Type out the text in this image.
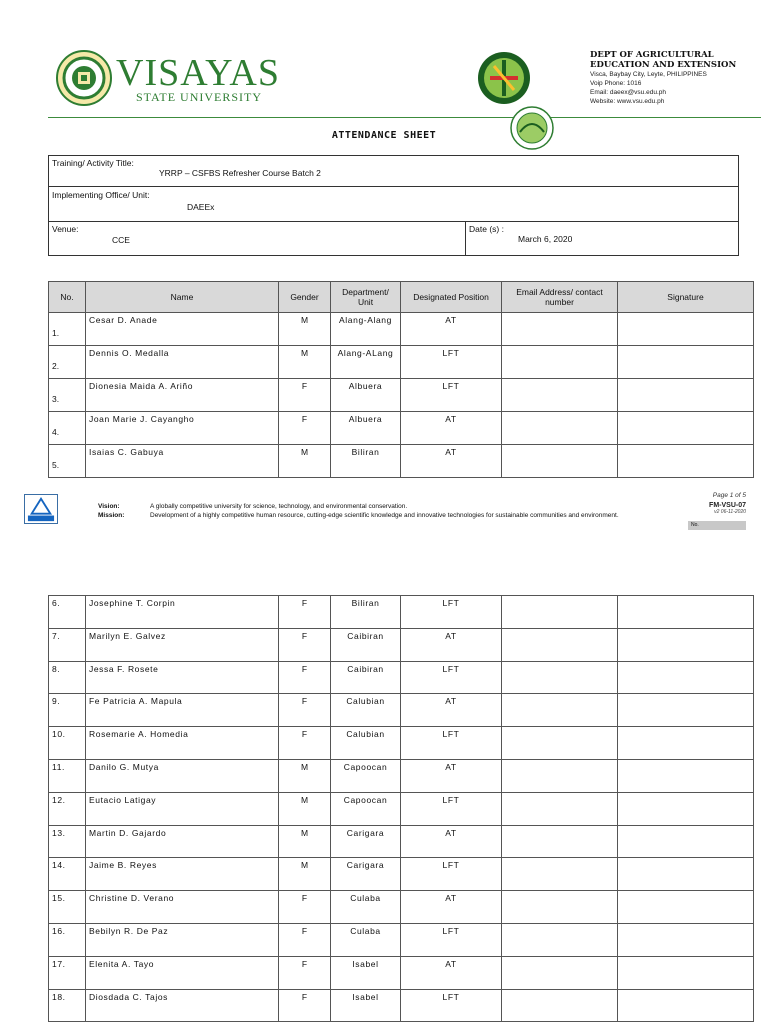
VISAYAS
STATE UNIVERSITY
DEPT OF AGRICULTURAL
EDUCATION AND EXTENSION
Visca, Baybay City, Leyte, PHILIPPINES
Voip Phone: 1016
Email: daeex@vsu.edu.ph
Website: www.vsu.edu.ph
ATTENDANCE SHEET
Training/ Activity Title:
YRRP – CSFBS Refresher Course Batch 2
Implementing Office/ Unit:
DAEEx
Venue:
CCE
Date (s) :
March 6, 2020
No.	Name	Gender	Department/ Unit	Designated Position	Email Address/ contact number	Signature
1.	Cesar D. Anade	M	Alang-Alang	AT		
2.	Dennis O. Medalla	M	Alang-ALang	LFT		
3.	Dionesia Maida A. Ariño	F	Albuera	LFT		
4.	Joan Marie J. Cayangho	F	Albuera	AT		
5.	Isaias C. Gabuya	M	Biliran	AT		
Vision:	A globally competitive university for science, technology, and environmental conservation.
Mission:	Development of a highly competitive human resource, cutting-edge scientific knowledge and innovative technologies for sustainable communities and environment.
Page 1 of 5
FM-VSU-07
v2 06-11-2020
No.
6.	Josephine T. Corpin	F	Biliran	LFT		
7.	Marilyn E. Galvez	F	Caibiran	AT		
8.	Jessa F. Rosete	F	Caibiran	LFT		
9.	Fe Patricia A. Mapula	F	Calubian	AT		
10.	Rosemarie A. Homedia	F	Calubian	LFT		
11.	Danilo G. Mutya	M	Capoocan	AT		
12.	Eutacio Latigay	M	Capoocan	LFT		
13.	Martin D. Gajardo	M	Carigara	AT		
14.	Jaime B. Reyes	M	Carigara	LFT		
15.	Christine D. Verano	F	Culaba	AT		
16.	Bebilyn R. De Paz	F	Culaba	LFT		
17.	Elenita A. Tayo	F	Isabel	AT		
18.	Diosdada C. Tajos	F	Isabel	LFT		
